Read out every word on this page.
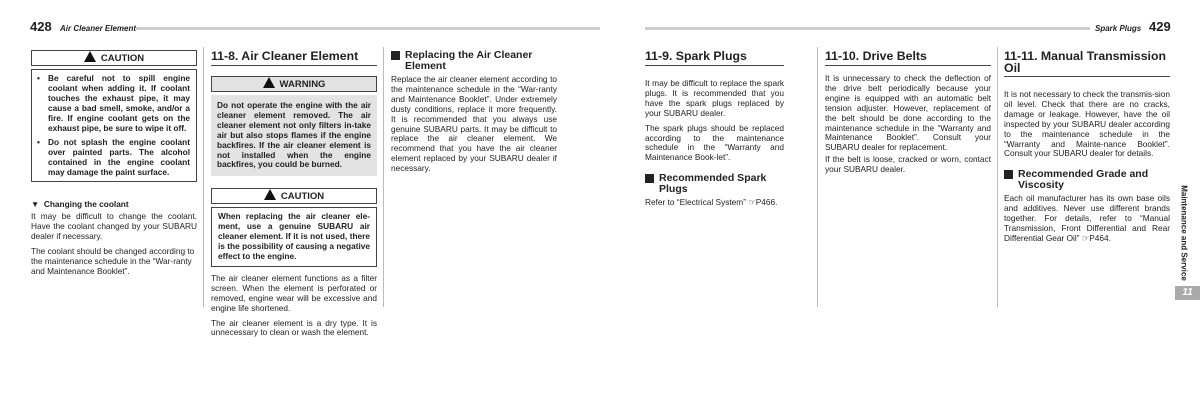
428 Air Cleaner Element	Spark Plugs 429
CAUTION

• Be careful not to spill engine coolant when adding it. If coolant touches the exhaust pipe, it may cause a bad smell, smoke, and/or a fire. If engine coolant gets on the exhaust pipe, be sure to wipe it off.

• Do not splash the engine coolant over painted parts. The alcohol contained in the engine coolant may damage the paint surface.

▼  Changing the coolant

It may be difficult to change the coolant. Have the coolant changed by your SUBARU dealer if necessary.

The coolant should be changed according to the maintenance schedule in the “War-ranty and Maintenance Booklet”.

11-8. Air Cleaner Element
WARNING
Do not operate the engine with the air cleaner element removed. The air cleaner element not only filters in-take air but also stops flames if the engine backfires. If the air cleaner element is not installed when the engine backfires, you could be burned.
CAUTION
When replacing the air cleaner ele-ment, use a genuine SUBARU air cleaner element. If it is not used, there is the possibility of causing a negative effect to the engine.

The air cleaner element functions as a filter screen. When the element is perforated or removed, engine wear will be excessive and engine life shortened.

The air cleaner element is a dry type. It is unnecessary to clean or wash the element.

Replacing the Air Cleaner Element

Replace the air cleaner element according to the maintenance schedule in the “War-ranty and Maintenance Booklet”. Under extremely dusty conditions, replace it more frequently. It is recommended that you always use genuine SUBARU parts. It may be difficult to replace the air cleaner element. We recommend that you have the air cleaner element replaced by your SUBARU dealer if necessary.

11-9. Spark Plugs

It may be difficult to replace the spark plugs. It is recommended that you have the spark plugs replaced by your SUBARU dealer.

The spark plugs should be replaced according to the maintenance schedule in the “Warranty and Maintenance Book-let”.

Recommended Spark Plugs

Refer to “Electrical System” ☞P466.

11-10. Drive Belts

It is unnecessary to check the deflection of the drive belt periodically because your engine is equipped with an automatic belt tension adjuster. However, replacement of the belt should be done according to the maintenance schedule in the “Warranty and Maintenance Booklet”. Consult your SUBARU dealer for replacement.

If the belt is loose, cracked or worn, contact your SUBARU dealer.

11-11. Manual Transmission Oil

It is not necessary to check the transmis-sion oil level. Check that there are no cracks, damage or leakage. However, have the oil inspected by your SUBARU dealer according to the maintenance schedule in the “Warranty and Mainte-nance Booklet”. Consult your SUBARU dealer for details.

Recommended Grade and Viscosity

Each oil manufacturer has its own base oils and additives. Never use different brands together. For details, refer to “Manual Transmission, Front Differential and Rear Differential Gear Oil” ☞P464.	Maintenance and Service
11
